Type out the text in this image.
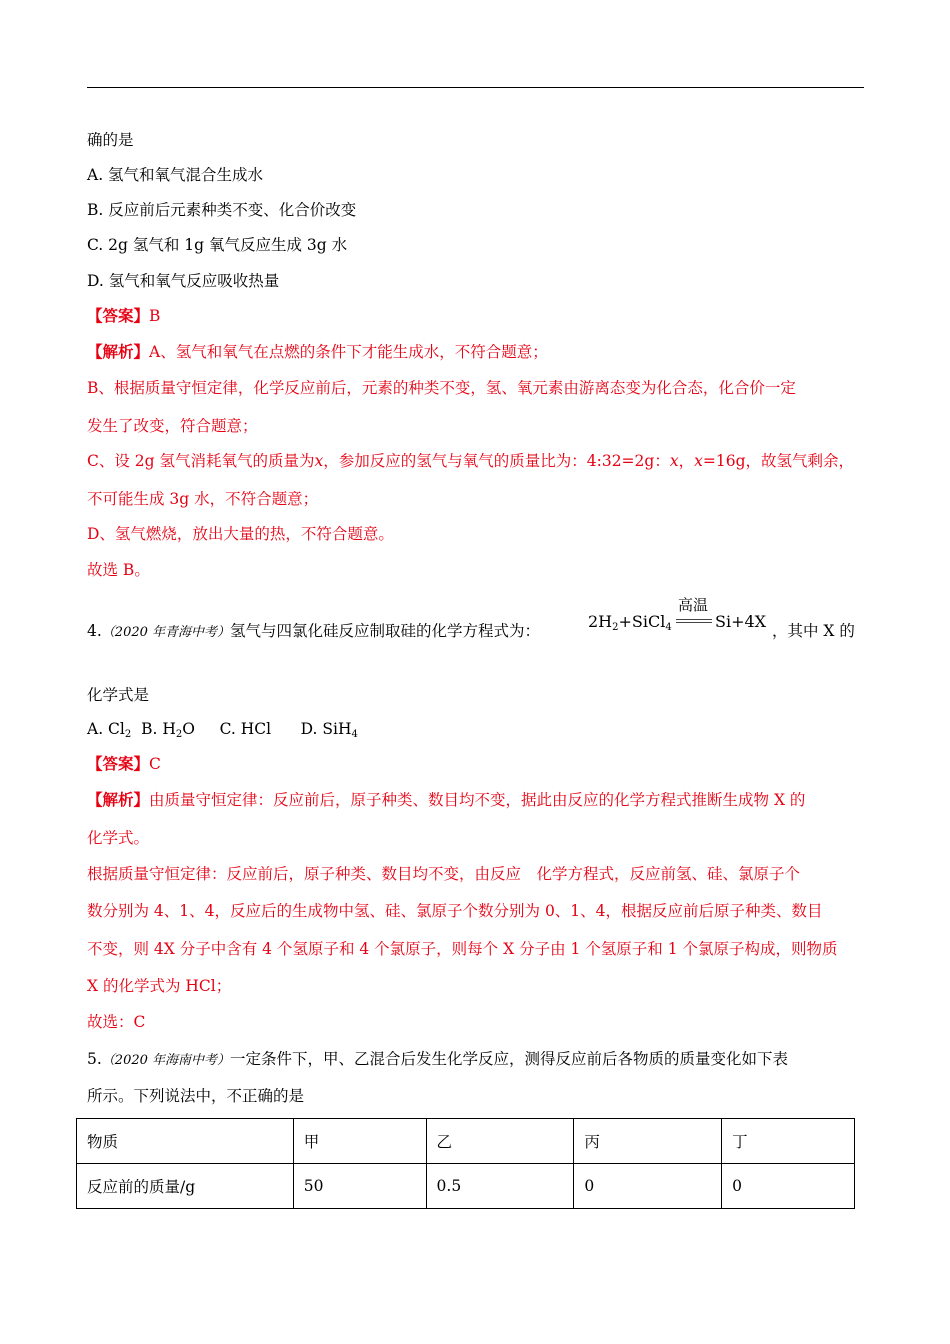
确的是
A. 氢气和氧气混合生成水
B. 反应前后元素种类不变、化合价改变
C. 2g 氢气和 1g 氧气反应生成 3g 水
D. 氢气和氧气反应吸收热量
【答案】B
【解析】A、氢气和氧气在点燃的条件下才能生成水，不符合题意；
B、根据质量守恒定律，化学反应前后，元素的种类不变，氢、氧元素由游离态变为化合态，化合价一定
发生了改变，符合题意；
C、设 2g 氢气消耗氧气的质量为x，参加反应的氢气与氧气的质量比为：4:32=2g：x，x=16g，故氢气剩余，
不可能生成 3g 水，不符合题意；
D、氢气燃烧，放出大量的热，不符合题意。
故选 B。
4.（2020 年青海中考）氢气与四氯化硅反应制取硅的化学方程式为：	$2H_2+SiCl_4$
高温
Si+4X ，其中 X 的
化学式是
A. $Cl_2$ B. $H_2O$ C. HCl D. SiH$_4$
【答案】C
【解析】由质量守恒定律：反应前后，原子种类、数目均不变，据此由反应的化学方程式推断生成物 X 的
化学式。
根据质量守恒定律：反应前后，原子种类、数目均不变，由反应　化学方程式，反应前氢、硅、氯原子个
数分别为 4、1、4，反应后的生成物中氢、硅、氯原子个数分别为 0、1、4，根据反应前后原子种类、数目
不变，则 4X 分子中含有 4 个氢原子和 4 个氯原子，则每个 X 分子由 1 个氢原子和 1 个氯原子构成，则物质
X 的化学式为 HCl；
故选：C
5.（2020 年海南中考）一定条件下，甲、乙混合后发生化学反应，测得反应前后各物质的质量变化如下表
所示。下列说法中，不正确的是
物质	甲	乙	丙	丁
反应前的质量/g	50	0.5	0	0
